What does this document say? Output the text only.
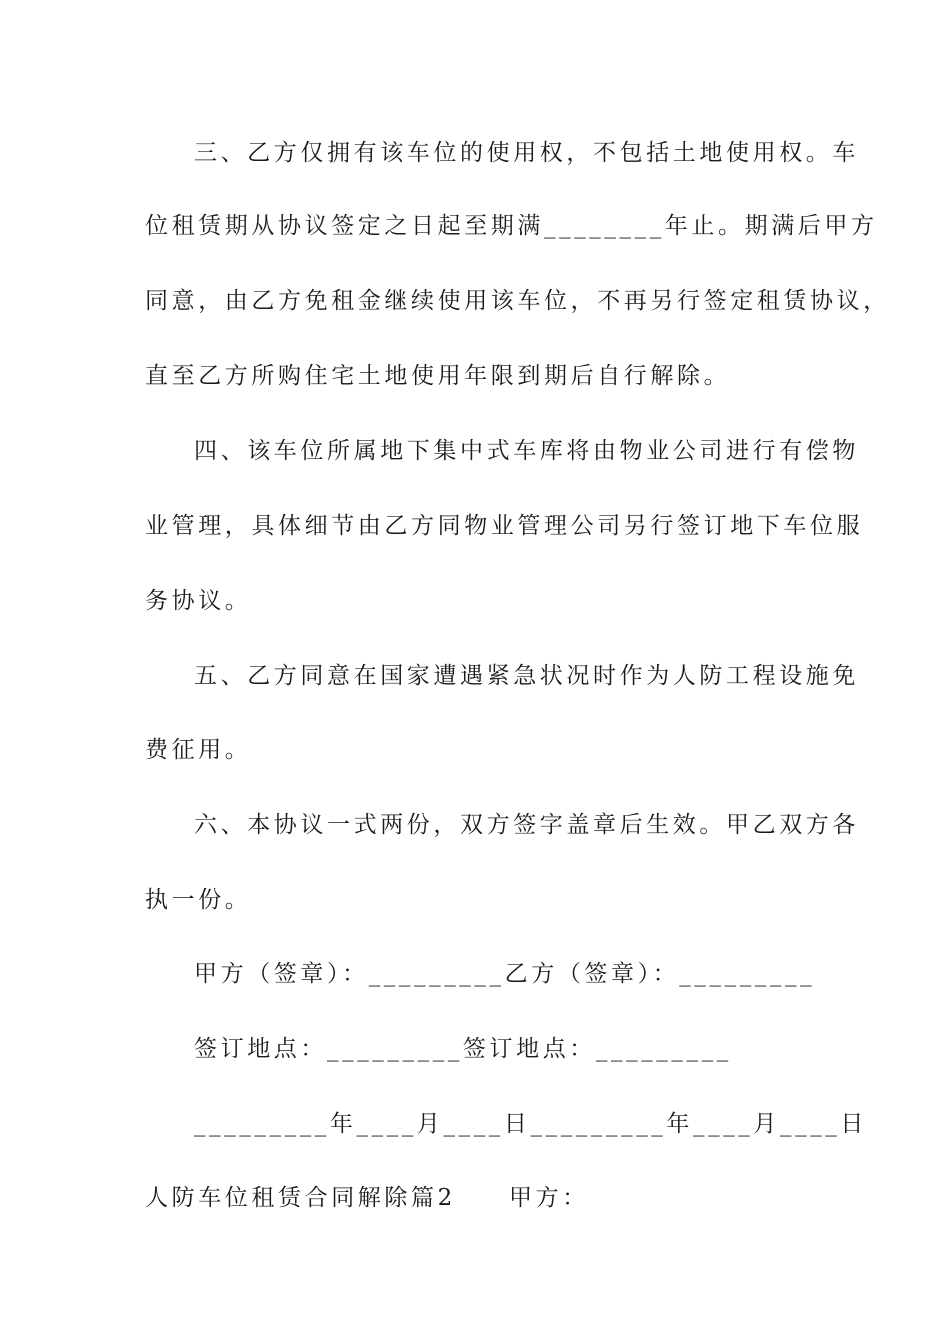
三、乙方仅拥有该车位的使用权，不包括土地使用权。车
位租赁期从协议签定之日起至期满________年止。期满后甲方
同意，由乙方免租金继续使用该车位，不再另行签定租赁协议，
直至乙方所购住宅土地使用年限到期后自行解除。
四、该车位所属地下集中式车库将由物业公司进行有偿物
业管理，具体细节由乙方同物业管理公司另行签订地下车位服
务协议。
五、乙方同意在国家遭遇紧急状况时作为人防工程设施免
费征用。
六、本协议一式两份，双方签字盖章后生效。甲乙双方各
执一份。
甲方（签章）：_________乙方（签章）：_________
签订地点：_________签订地点：_________
_________年____月____日_________年____月____日
人防车位租赁合同解除篇2　　甲方：
